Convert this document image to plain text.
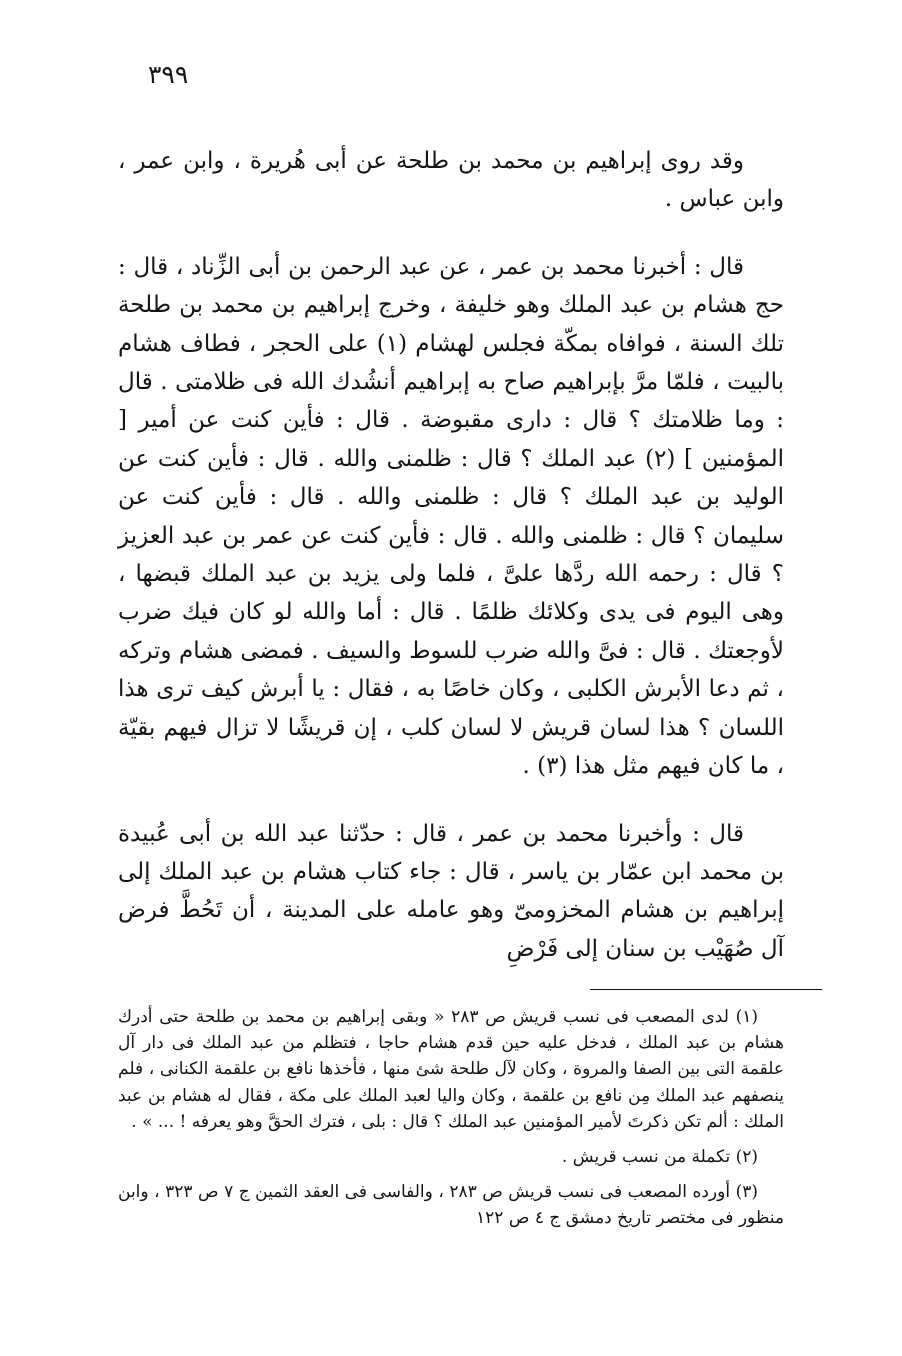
٣٩٩

وقد روى إبراهيم بن محمد بن طلحة عن أبى هُريرة ، وابن عمر ، وابن عباس .

قال : أخبرنا محمد بن عمر ، عن عبد الرحمن بن أبى الزِّناد ، قال : حج هشام بن عبد الملك وهو خليفة ، وخرج إبراهيم بن محمد بن طلحة تلك السنة ، فوافاه بمكّة فجلس لهشام (١) على الحجر ، فطاف هشام بالبيت ، فلمّا مرَّ بإبراهيم صاح به إبراهيم أنشُدك الله فى ظلامتى . قال : وما ظلامتك ؟ قال : دارى مقبوضة . قال : فأين كنت عن أمير [ المؤمنين ] (٢) عبد الملك ؟ قال : ظلمنى والله . قال : فأين كنت عن الوليد بن عبد الملك ؟ قال : ظلمنى والله . قال : فأين كنت عن سليمان ؟ قال : ظلمنى والله . قال : فأين كنت عن عمر بن عبد العزيز ؟ قال : رحمه الله ردَّها علىَّ ، فلما ولى يزيد بن عبد الملك قبضها ، وهى اليوم فى يدى وكلائك ظلمًا . قال : أما والله لو كان فيك ضرب لأوجعتك . قال : فىَّ والله ضرب للسوط والسيف . فمضى هشام وتركه ، ثم دعا الأبرش الكلبى ، وكان خاصًا به ، فقال : يا أبرش كيف ترى هذا اللسان ؟ هذا لسان قريش لا لسان كلب ، إن قريشًا لا تزال فيهم بقيّة ، ما كان فيهم مثل هذا (٣) .

قال : وأخبرنا محمد بن عمر ، قال : حدّثنا عبد الله بن أبى عُبيدة بن محمد ابن عمّار بن ياسر ، قال : جاء كتاب هشام بن عبد الملك إلى إبراهيم بن هشام المخزومىّ وهو عامله على المدينة ، أن تَحُطَّ فرض آل صُهَيْب بن سنان إلى فَرْضِ

(١) لدى المصعب فى نسب قريش ص ٢٨٣ « وبقى إبراهيم بن محمد بن طلحة حتى أدرك هشام بن عبد الملك ، فدخل عليه حين قدم هشام حاجا ، فتظلم من عبد الملك فى دار آل علقمة التى بين الصفا والمروة ، وكان لآل طلحة شئ منها ، فأخذها نافع بن علقمة الكنانى ، فلم ينصفهم عبد الملك مِن نافع بن علقمة ، وكان واليا لعبد الملك على مكة ، فقال له هشام بن عبد الملك : ألم تكن ذكرتَ لأمير المؤمنين عبد الملك ؟ قال : بلى ، فترك الحقَّ وهو يعرفه ! ... » .

(٢) تكملة من نسب قريش .

(٣) أورده المصعب فى نسب قريش ص ٢٨٣ ، والفاسى فى العقد الثمين ج ٧ ص ٣٢٣ ، وابن منظور فى مختصر تاريخ دمشق ج ٤ ص ١٢٢
